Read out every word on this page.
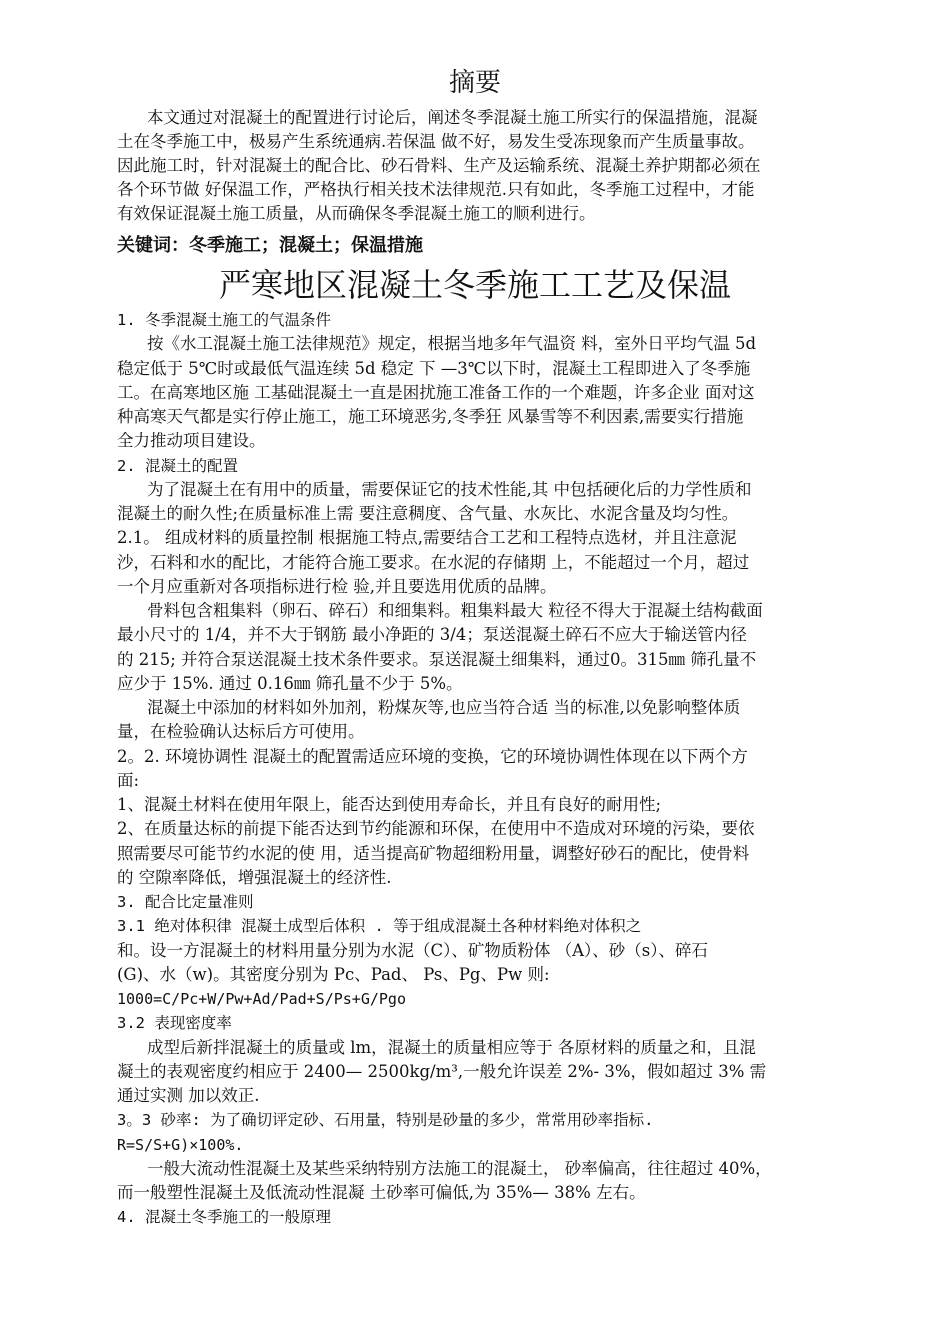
摘要
本文通过对混凝土的配置进行讨论后，阐述冬季混凝土施工所实行的保温措施，混凝
土在冬季施工中，极易产生系统通病.若保温 做不好，易发生受冻现象而产生质量事故。
因此施工时，针对混凝土的配合比、砂石骨料、生产及运输系统、混凝土养护期都必须在
各个环节做 好保温工作，严格执行相关技术法律规范.只有如此，冬季施工过程中，才能
有效保证混凝土施工质量，从而确保冬季混凝土施工的顺利进行。
关键词：冬季施工；混凝土；保温措施
严寒地区混凝土冬季施工工艺及保温
1. 冬季混凝土施工的气温条件
按《水工混凝土施工法律规范》规定，根据当地多年气温资 料，室外日平均气温 5d
稳定低于 5℃时或最低气温连续 5d 稳定 下 —3℃以下时，混凝土工程即进入了冬季施
工。在高寒地区施 工基础混凝土一直是困扰施工准备工作的一个难题，许多企业 面对这
种高寒天气都是实行停止施工，施工环境恶劣,冬季狂 风暴雪等不利因素,需要实行措施
全力推动项目建设。
2. 混凝土的配置
为了混凝土在有用中的质量，需要保证它的技术性能,其 中包括硬化后的力学性质和
混凝土的耐久性;在质量标准上需 要注意稠度、含气量、水灰比、水泥含量及均匀性。
2.1。 组成材料的质量控制 根据施工特点,需要结合工艺和工程特点选材，并且注意泥
沙，石料和水的配比，才能符合施工要求。在水泥的存储期 上，不能超过一个月，超过
一个月应重新对各项指标进行检 验,并且要选用优质的品牌。
骨料包含粗集料（卵石、碎石）和细集料。粗集料最大 粒径不得大于混凝土结构截面
最小尺寸的 1/4，并不大于钢筋 最小净距的 3/4；泵送混凝土碎石不应大于输送管内径
的 215; 并符合泵送混凝土技术条件要求。泵送混凝土细集料，通过0。315㎜ 筛孔量不
应少于 15%. 通过 0.16㎜ 筛孔量不少于 5%。
混凝土中添加的材料如外加剂，粉煤灰等,也应当符合适 当的标准,以免影响整体质
量，在检验确认达标后方可使用。
2。2. 环境协调性 混凝土的配置需适应环境的变换，它的环境协调性体现在以下两个方
面:
1、混凝土材料在使用年限上，能否达到使用寿命长，并且有良好的耐用性;
2、在质量达标的前提下能否达到节约能源和环保，在使用中不造成对环境的污染，要依
照需要尽可能节约水泥的使 用，适当提高矿物超细粉用量，调整好砂石的配比，使骨料
的 空隙率降低，增强混凝土的经济性.
3. 配合比定量准则
3.1 绝对体积律 混凝土成型后体积 . 等于组成混凝土各种材料绝对体积之
和。设一方混凝土的材料用量分别为水泥（C）、矿物质粉体 （A）、砂（s）、碎石
(G)、水（w)。其密度分别为 Pc、Pad、 Ps、Pg、Pw 则:
1000=C/Pc+W/Pw+Ad/Pad+S/Ps+G/Pgo
3.2 表现密度率
成型后新拌混凝土的质量或 lm，混凝土的质量相应等于 各原材料的质量之和，且混
凝土的表观密度约相应于 2400— 2500kg/m³,一般允许误差 2%- 3%，假如超过 3% 需
通过实测 加以效正.
3。3 砂率: 为了确切评定砂、石用量，特别是砂量的多少，常常用砂率指标.
R=S/S+G)×100%.
一般大流动性混凝土及某些采纳特别方法施工的混凝土， 砂率偏高，往往超过 40%，
而一般塑性混凝土及低流动性混凝 土砂率可偏低,为 35%— 38% 左右。
4. 混凝土冬季施工的一般原理
